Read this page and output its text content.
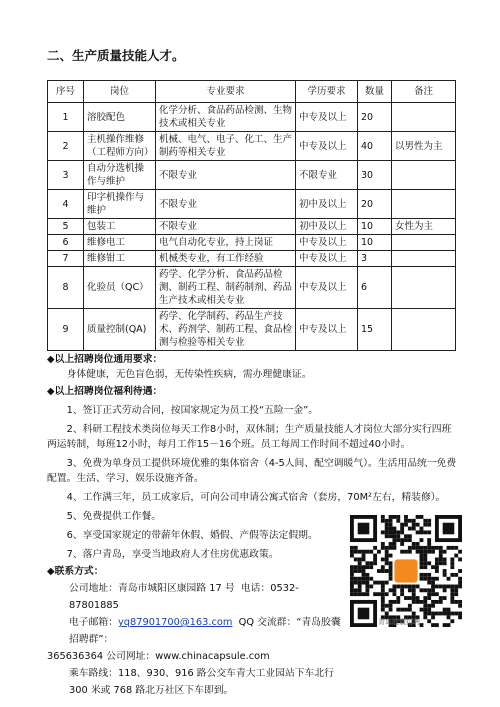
二、生产质量技能人才。
序号	岗位	专业要求	学历要求	数量	备注
1	溶胶配色	化学分析、食品药品检测、生物技术或相关专业	中专及以上	20	
2	主机操作维修（工程师方向）	机械、电气、电子、化工、生产制药等相关专业	中专及以上	40	以男性为主
3	自动分选机操作与维护	不限专业	不限专业	30	
4	印字机操作与维护	不限专业	初中及以上	20	
5	包装工	不限专业	初中及以上	10	女性为主
6	维修电工	电气自动化专业，持上岗证	中专及以上	10	
7	维修钳工	机械类专业，有工作经验	中专及以上	3	
8	化验员（QC）	药学、化学分析、食品药品检测、制药工程、制药制剂、药品生产技术或相关专业	中专及以上	6	
9	质量控制(QA)	药学、化学制药、药品生产技术、药剂学、制药工程、食品检测与检验等相关专业	中专及以上	15	
◆以上招聘岗位通用要求：

身体健康，无色盲色弱，无传染性疾病，需办理健康证。

◆以上招聘岗位福利待遇：

1、签订正式劳动合同，按国家规定为员工投“五险一金”。

2、科研工程技术类岗位每天工作8小时，双休制；生产质量技能人才岗位大部分实行四班两运转制，每班12小时，每月工作15－16个班。员工每周工作时间不超过40小时。

3、免费为单身员工提供环境优雅的集体宿舍（4-5人间、配空调暖气）。生活用品统一免费配置。生活、学习、娱乐设施齐备。

4、工作满三年，员工成家后，可向公司申请公寓式宿舍（套房，70M²左右，精装修）。

5、免费提供工作餐。

6、享受国家规定的带薪年休假、婚假、产假等法定假期。

7、落户青岛，享受当地政府人才住房优惠政策。

◆联系方式：
公司地址：青岛市城阳区康园路 17 号 电话：0532-87801885
电子邮箱：yq87901700@163.com QQ 交流群：“青岛胶囊招聘群”：
365636364 公司网址：www.chinacapsule.com
乘车路线：118、930、916 路公交车青大工业园站下车北行 300 米或 768 路北万社区下车即到。
青岛胶囊招聘
